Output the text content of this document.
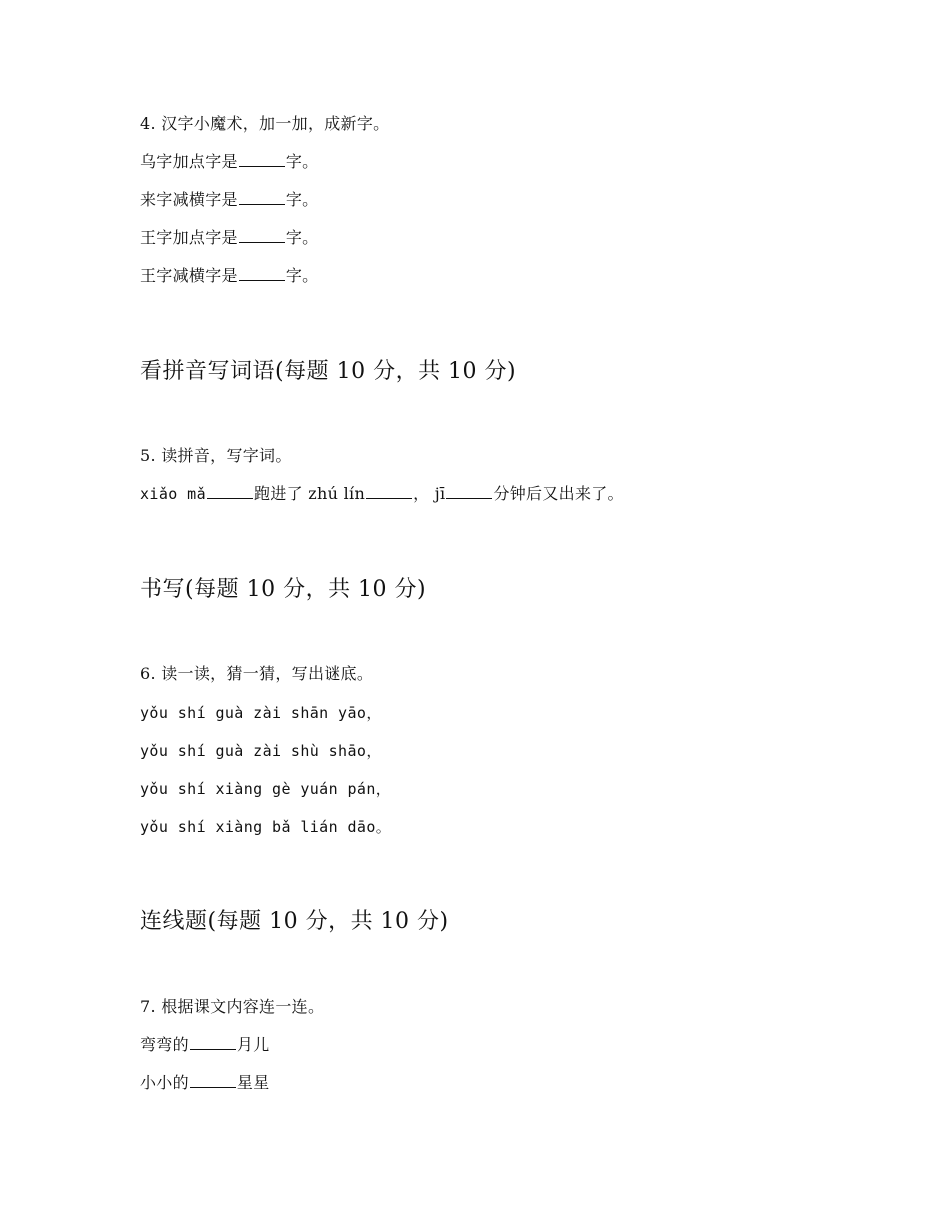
4. 汉字小魔术，加一加，成新字。
乌字加点字是	字。
来字减横字是	字。
王字加点字是	字。
王字减横字是	字。
看拼音写词语(每题 10 分，共 10 分)
5. 读拼音，写字词。
xiǎo mǎ	跑进了 zhú lín	， jī	分钟后又出来了。
书写(每题 10 分，共 10 分)
6. 读一读，猜一猜，写出谜底。
yǒu shí guà zài shān yāo，
yǒu shí guà zài shù shāo，
yǒu shí xiàng gè yuán pán，
yǒu shí xiàng bǎ lián dāo。
连线题(每题 10 分，共 10 分)
7. 根据课文内容连一连。
弯弯的	月儿
小小的	星星
